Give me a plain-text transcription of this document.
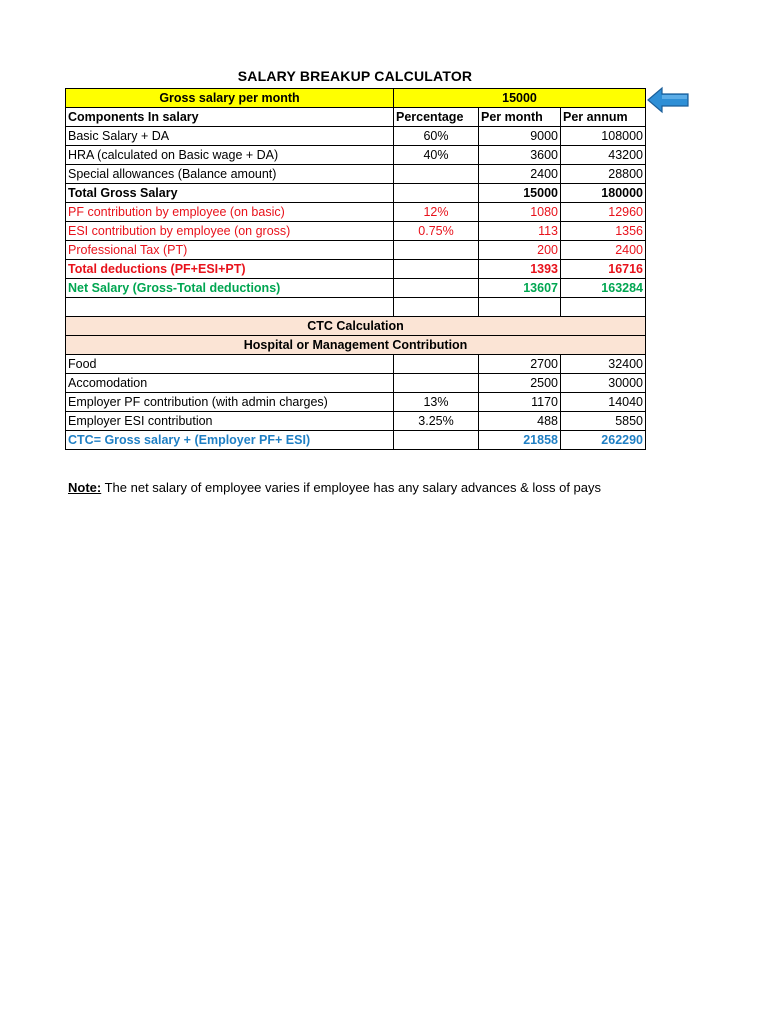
SALARY BREAKUP CALCULATOR
Gross salary per month	15000		
Components In salary	Percentage	Per month	Per annum
Basic Salary + DA	60%	9000	108000
HRA (calculated on Basic wage + DA)	40%	3600	43200
Special allowances (Balance amount)		2400	28800
Total Gross Salary		15000	180000
PF contribution by employee (on basic)	12%	1080	12960
ESI contribution by employee (on gross)	0.75%	113	1356
Professional Tax (PT)		200	2400
Total deductions (PF+ESI+PT)		1393	16716
Net Salary (Gross-Total deductions)		13607	163284

CTC Calculation			
Hospital or Management Contribution			
Food		2700	32400
Accomodation		2500	30000
Employer PF contribution (with admin charges)	13%	1170	14040
Employer ESI contribution	3.25%	488	5850
CTC= Gross salary + (Employer PF+ ESI)		21858	262290
Note: The net salary of employee varies if employee has any salary advances & loss of pays
